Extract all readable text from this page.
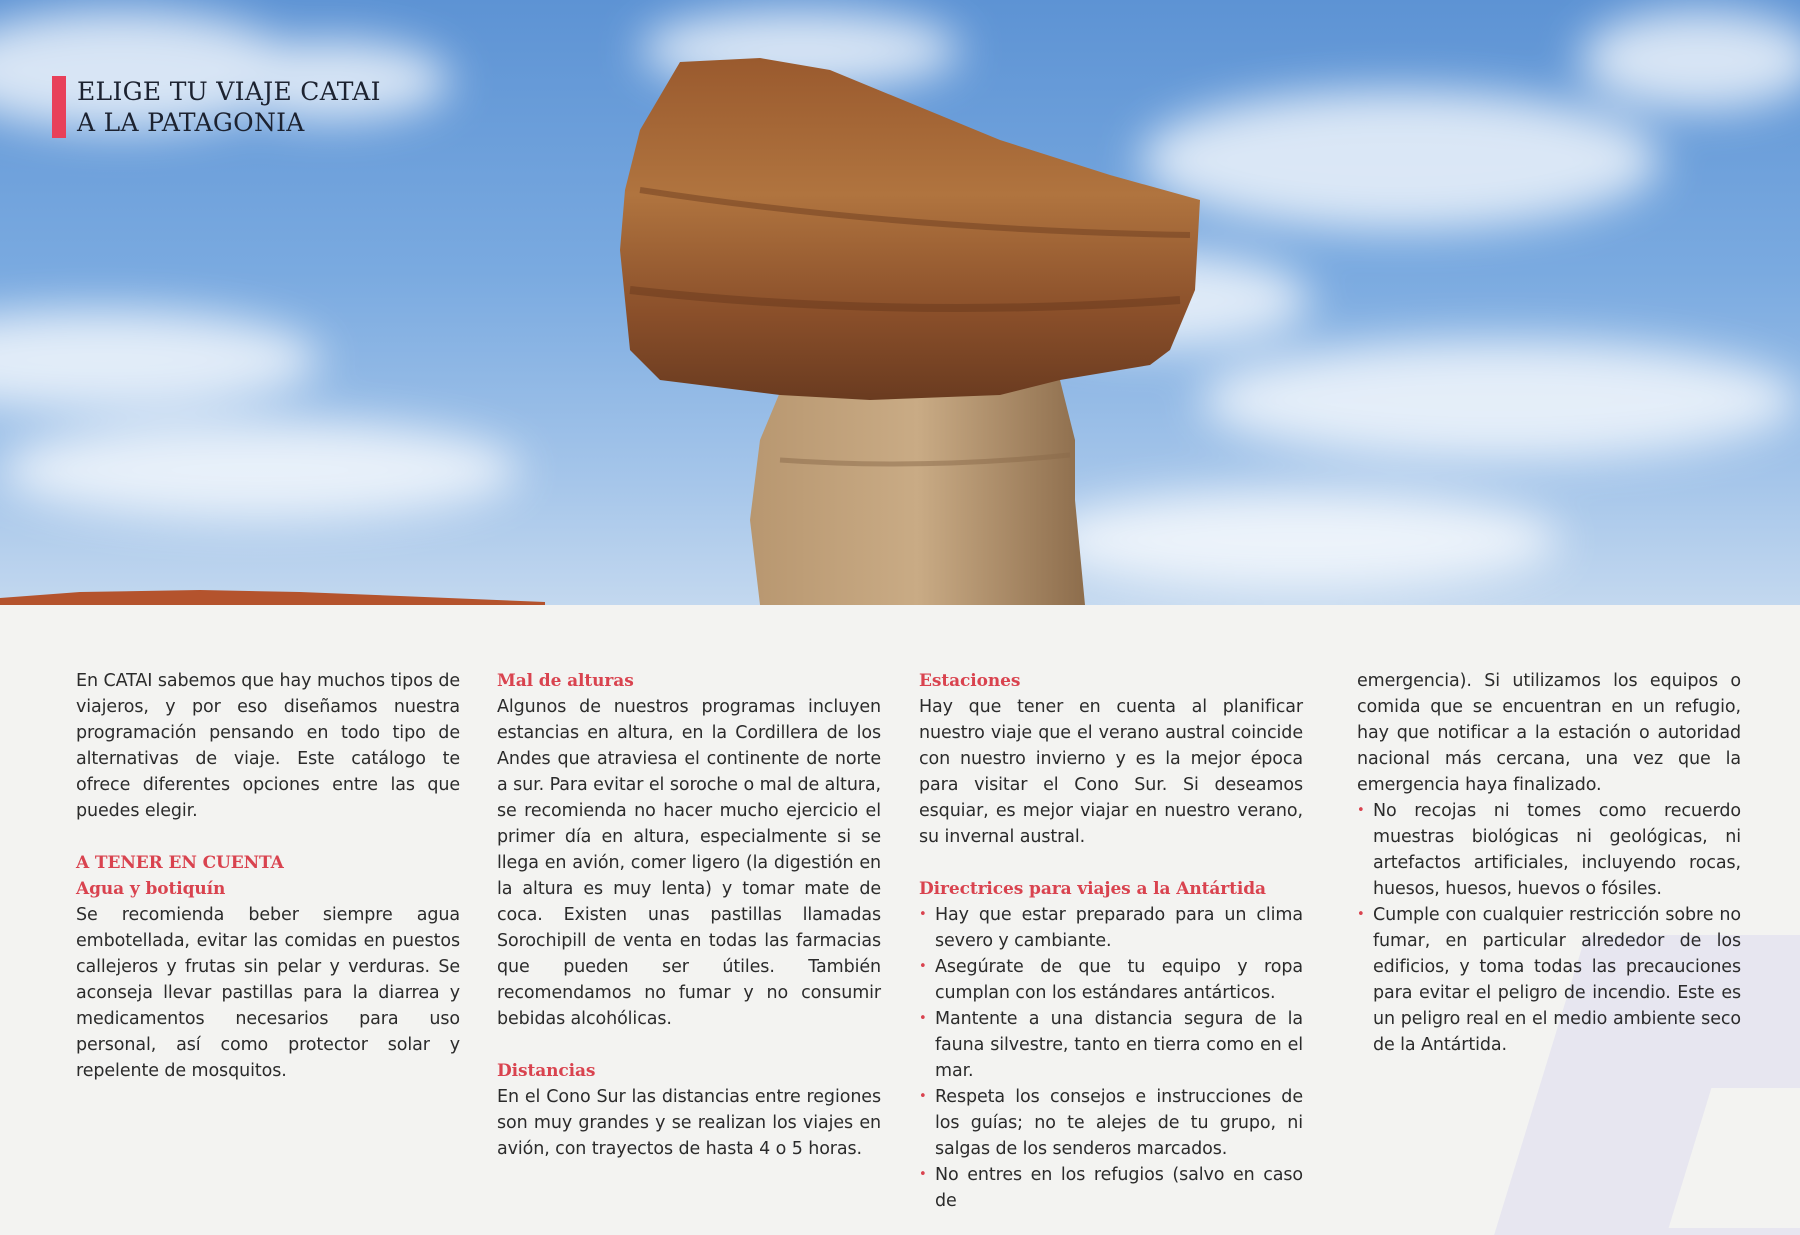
ELIGE TU VIAJE CATAI
A LA PATAGONIA

En CATAI sabemos que hay muchos tipos de viajeros, y por eso diseñamos nuestra programación pensando en todo tipo de alternativas de viaje. Este catálogo te ofrece diferentes opciones entre las que puedes elegir.

A TENER EN CUENTA

Agua y botiquín

Se recomienda beber siempre agua embotellada, evitar las comidas en puestos callejeros y frutas sin pelar y verduras. Se aconseja llevar pastillas para la diarrea y medicamentos necesarios para uso personal, así como protector solar y repelente de mosquitos.

Mal de alturas

Algunos de nuestros programas incluyen estancias en altura, en la Cordillera de los Andes que atraviesa el continente de norte a sur. Para evitar el soroche o mal de altura, se recomienda no hacer mucho ejercicio el primer día en altura, especialmente si se llega en avión, comer ligero (la digestión en la altura es muy lenta) y tomar mate de coca. Existen unas pastillas llamadas Sorochipill de venta en todas las farmacias que pueden ser útiles. También recomendamos no fumar y no consumir bebidas alcohólicas.

Distancias

En el Cono Sur las distancias entre regiones son muy grandes y se realizan los viajes en avión, con trayectos de hasta 4 o 5 horas.

Estaciones

Hay que tener en cuenta al planificar nuestro viaje que el verano austral coincide con nuestro invierno y es la mejor época para visitar el Cono Sur. Si deseamos esquiar, es mejor viajar en nuestro verano, su invernal austral.

Directrices para viajes a la Antártida

• Hay que estar preparado para un clima severo y cambiante.
• Asegúrate de que tu equipo y ropa cumplan con los estándares antárticos.
• Mantente a una distancia segura de la fauna silvestre, tanto en tierra como en el mar.
• Respeta los consejos e instrucciones de los guías; no te alejes de tu grupo, ni salgas de los senderos marcados.
• No entres en los refugios (salvo en caso de

emergencia). Si utilizamos los equipos o comida que se encuentran en un refugio, hay que notificar a la estación o autoridad nacional más cercana, una vez que la emergencia haya finalizado.

• No recojas ni tomes como recuerdo muestras biológicas ni geológicas, ni artefactos artificiales, incluyendo rocas, huesos, huesos, huevos o fósiles.
• Cumple con cualquier restricción sobre no fumar, en particular alrededor de los edificios, y toma todas las precauciones para evitar el peligro de incendio. Este es un peligro real en el medio ambiente seco de la Antártida.
